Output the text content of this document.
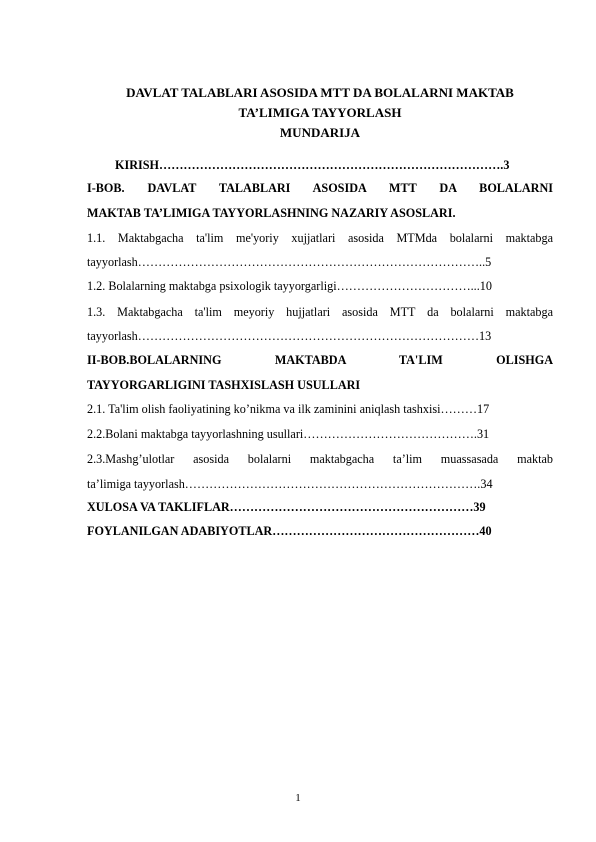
DAVLAT TALABLARI ASOSIDA MTT DA BOLALARNI MAKTAB
TA’LIMIGA TAYYORLASH
MUNDARIJA
KIRISH………………………………………………………………………….3
I-BOB. DAVLAT TALABLARI ASOSIDA MTT DA BOLALARNI
MAKTAB TA’LIMIGA TAYYORLASHNING NAZARIY ASOSLARI.
1.1. Maktabgacha ta'lim me'yoriy xujjatlari asosida MTMda bolalarni maktabga
tayyorlash…………………………………………………………………………..5
1.2. Bolalarning maktabga psixologik tayyorgarligi……………………………...10
1.3. Maktabgacha ta'lim meyoriy hujjatlari asosida MTT da bolalarni maktabga
tayyorlash…………………………………………………………………………13
II-BOB.BOLALARNING MAKTABDA TA'LIM OLISHGA
TAYYORGARLIGINI TASHXISLASH USULLARI
2.1. Ta'lim olish faoliyatining ko’nikma va ilk zaminini aniqlash tashxisi………17
2.2.Bolani maktabga tayyorlashning usullari…………………………………….31
2.3.Mashg’ulotlar asosida bolalarni maktabgacha ta’lim muassasada maktab
ta’limiga tayyorlash……………………………………………………………….34
XULOSA VA TAKLIFLAR……………………………………………………39
FOYLANILGAN ADABIYOTLAR……………………………………………40
1
